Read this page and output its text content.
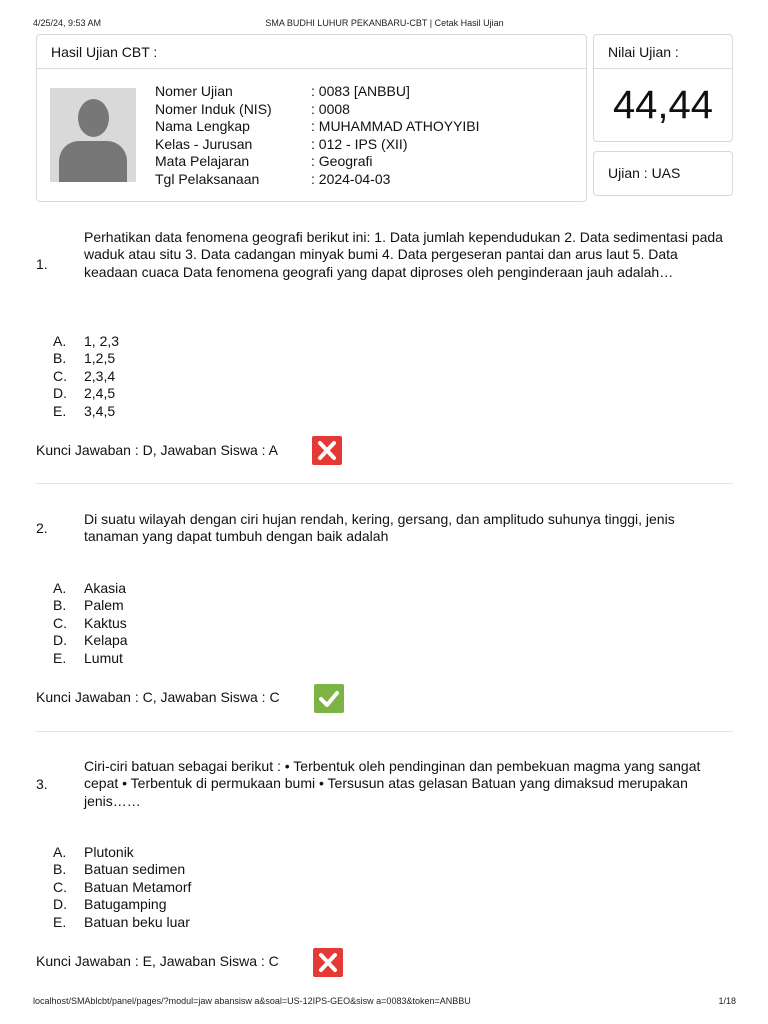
4/25/24, 9:53 AM	SMA BUDHI LUHUR PEKANBARU-CBT | Cetak Hasil Ujian
Hasil Ujian CBT :
Nomer Ujian	: 0083 [ANBBU]
Nomer Induk (NIS)	: 0008
Nama Lengkap	: MUHAMMAD ATHOYYIBI
Kelas - Jurusan	: 012 - IPS (XII)
Mata Pelajaran	: Geografi
Tgl Pelaksanaan	: 2024-04-03
Nilai Ujian :
44,44
Ujian : UAS
1.
Perhatikan data fenomena geografi berikut ini: 1. Data jumlah kependudukan 2. Data sedimentasi pada waduk atau situ 3. Data cadangan minyak bumi 4. Data pergeseran pantai dan arus laut 5. Data keadaan cuaca Data fenomena geografi yang dapat diproses oleh penginderaan jauh adalah…
A. 1, 2,3
B. 1,2,5
C. 2,3,4
D. 2,4,5
E. 3,4,5
Kunci Jawaban : D, Jawaban Siswa : A
2.
Di suatu wilayah dengan ciri hujan rendah, kering, gersang, dan amplitudo suhunya tinggi, jenis tanaman yang dapat tumbuh dengan baik adalah
A. Akasia
B. Palem
C. Kaktus
D. Kelapa
E. Lumut
Kunci Jawaban : C, Jawaban Siswa : C
3.
Ciri-ciri batuan sebagai berikut : • Terbentuk oleh pendinginan dan pembekuan magma yang sangat cepat • Terbentuk di permukaan bumi • Tersusun atas gelasan Batuan yang dimaksud merupakan jenis……
A. Plutonik
B. Batuan sedimen
C. Batuan Metamorf
D. Batugamping
E. Batuan beku luar
Kunci Jawaban : E, Jawaban Siswa : C
localhost/SMAblcbt/panel/pages/?modul=jaw abansisw a&soal=US-12IPS-GEO&sisw a=0083&token=ANBBU	1/18
